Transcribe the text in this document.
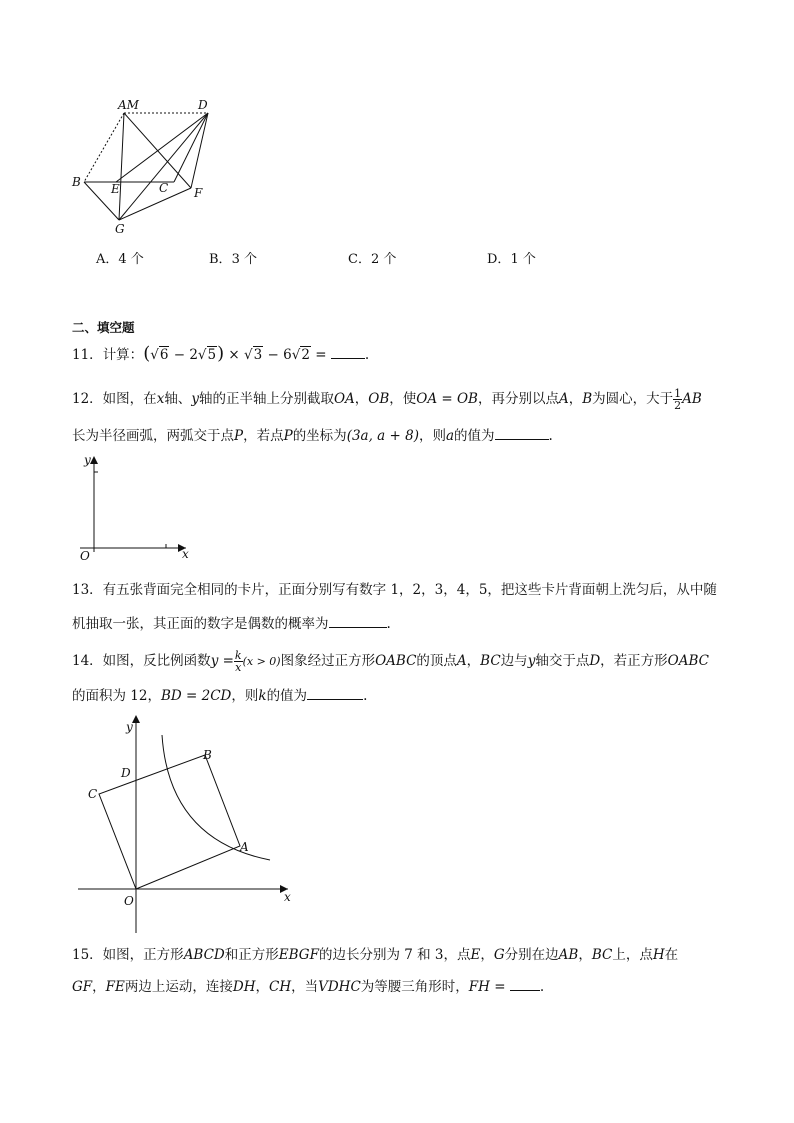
AM	D
B	E	C F
G
A．4 个	B．3 个	C．2 个	D．1 个
二、填空题
11．计算：(√6 − 2√5) × √3 − 6√2 =	.
12．如图，在x轴、y轴的正半轴上分别截取OA，OB，使OA = OB，再分别以点A，B为圆心，大于 $\frac{1}{2}$ AB
长为半径画弧，两弧交于点P，若点P的坐标为(3a, a + 8)，则a的值为	.
y
x
O
13．有五张背面完全相同的卡片，正面分别写有数字 1，2，3，4，5，把这些卡片背面朝上洗匀后，从中随
机抽取一张，其正面的数字是偶数的概率为	.
14．如图，反比例函数$y = \frac{k}{x} (x > 0)$图象经过正方形OABC的顶点A，BC边与y轴交于点D，若正方形OABC
的面积为 12，BD = 2CD，则k的值为	.
y
x
O
A
B
C
D
15．如图，正方形ABCD和正方形EBGF的边长分别为 7 和 3，点E，G分别在边AB，BC上，点H在
GF，FE两边上运动，连接DH，CH，当VDHC为等腰三角形时，FH =	.
